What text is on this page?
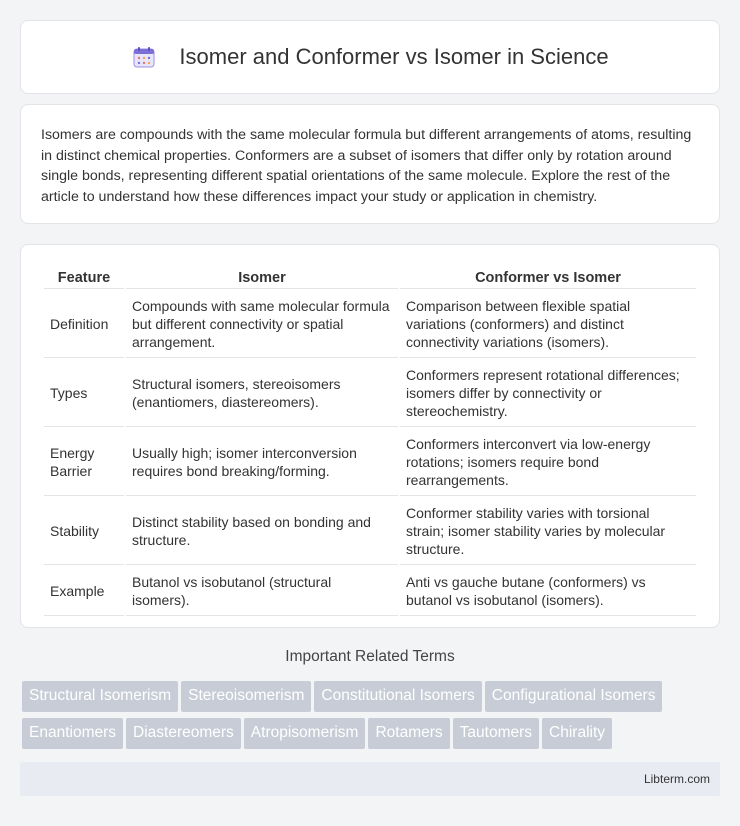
Isomer and Conformer vs Isomer in Science

Isomers are compounds with the same molecular formula but different arrangements of atoms, resulting in distinct chemical properties. Conformers are a subset of isomers that differ only by rotation around single bonds, representing different spatial orientations of the same molecule. Explore the rest of the article to understand how these differences impact your study or application in chemistry.

Feature	Isomer	Conformer vs Isomer
Definition	Compounds with same molecular formula but different connectivity or spatial arrangement.	Comparison between flexible spatial variations (conformers) and distinct connectivity variations (isomers).
Types	Structural isomers, stereoisomers (enantiomers, diastereomers).	Conformers represent rotational differences; isomers differ by connectivity or stereochemistry.
Energy Barrier	Usually high; isomer interconversion requires bond breaking/forming.	Conformers interconvert via low-energy rotations; isomers require bond rearrangements.
Stability	Distinct stability based on bonding and structure.	Conformer stability varies with torsional strain; isomer stability varies by molecular structure.
Example	Butanol vs isobutanol (structural isomers).	Anti vs gauche butane (conformers) vs butanol vs isobutanol (isomers).
Important Related Terms
Structural Isomerism Stereoisomerism Constitutional Isomers Configurational Isomers
Enantiomers Diastereomers Atropisomerism Rotamers Tautomers Chirality
Libterm.com
